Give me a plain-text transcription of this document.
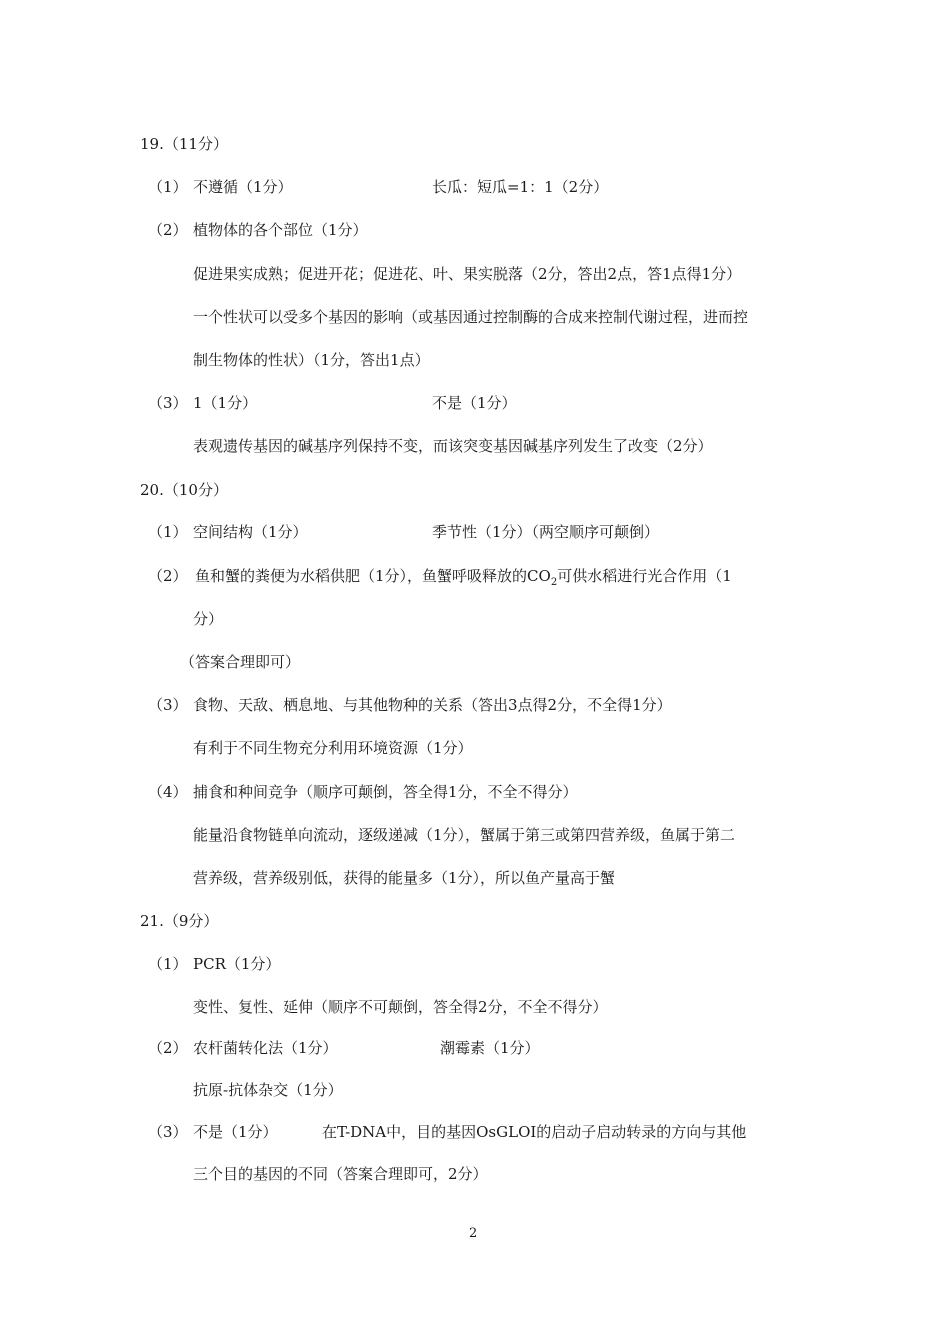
19.（11分）
（1） 不遵循（1分）	长瓜：短瓜=1：1（2分）
（2） 植物体的各个部位（1分）
促进果实成熟；促进开花；促进花、叶、果实脱落（2分，答出2点，答1点得1分）
一个性状可以受多个基因的影响（或基因通过控制酶的合成来控制代谢过程，进而控
制生物体的性状）（1分，答出1点）
（3） 1（1分）	不是（1分）
表观遗传基因的碱基序列保持不变，而该突变基因碱基序列发生了改变（2分）
20.（10分）
（1） 空间结构（1分）	季节性（1分）（两空顺序可颠倒）
（2） 鱼和蟹的粪便为水稻供肥（1分），鱼蟹呼吸释放的$CO_2$可供水稻进行光合作用（1
分）
（答案合理即可）
（3） 食物、天敌、栖息地、与其他物种的关系（答出3点得2分，不全得1分）
有利于不同生物充分利用环境资源（1分）
（4） 捕食和种间竞争（顺序可颠倒，答全得1分，不全不得分）
能量沿食物链单向流动，逐级递减（1分），蟹属于第三或第四营养级，鱼属于第二
营养级，营养级别低，获得的能量多（1分），所以鱼产量高于蟹
21.（9分）
（1） PCR（1分）
变性、复性、延伸（顺序不可颠倒，答全得2分，不全不得分）
（2） 农杆菌转化法（1分）	潮霉素（1分）
抗原-抗体杂交（1分）
（3） 不是（1分）	在T-DNA中，目的基因OsGLOⅠ的启动子启动转录的方向与其他
三个目的基因的不同（答案合理即可，2分）
2
